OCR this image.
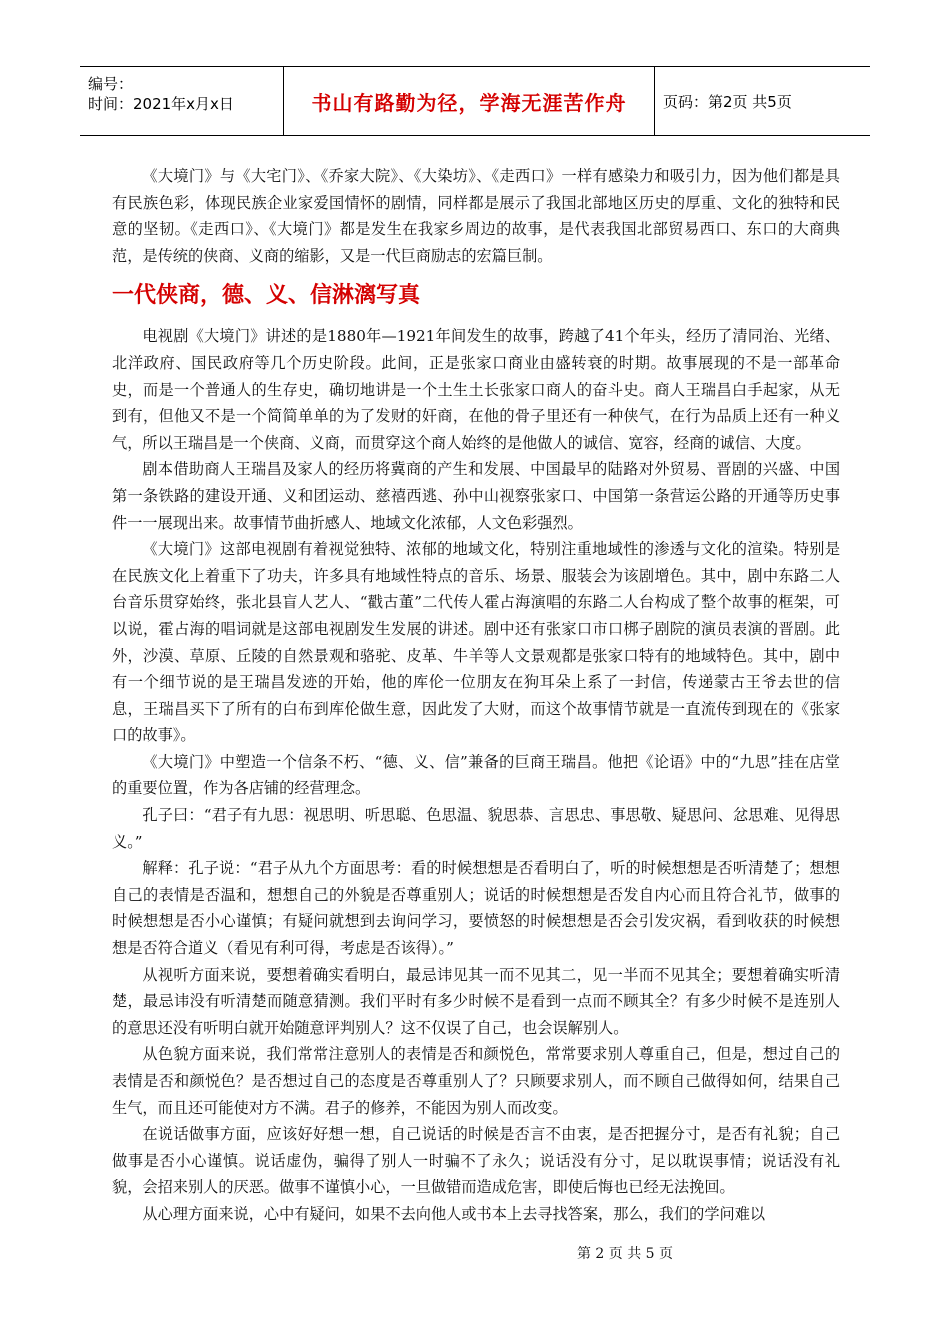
编号：
时间：2021年x月x日	书山有路勤为径，学海无涯苦作舟	页码：第2页 共5页

《大境门》与《大宅门》、《乔家大院》、《大染坊》、《走西口》一样有感染力和吸引力，因为他们都是具有民族色彩，体现民族企业家爱国情怀的剧情，同样都是展示了我国北部地区历史的厚重、文化的独特和民意的坚韧。《走西口》、《大境门》都是发生在我家乡周边的故事，是代表我国北部贸易西口、东口的大商典范，是传统的侠商、义商的缩影，又是一代巨商励志的宏篇巨制。

一代侠商，德、义、信淋漓写真

电视剧《大境门》讲述的是1880年—1921年间发生的故事，跨越了41个年头，经历了清同治、光绪、北洋政府、国民政府等几个历史阶段。此间，正是张家口商业由盛转衰的时期。故事展现的不是一部革命史，而是一个普通人的生存史，确切地讲是一个土生土长张家口商人的奋斗史。商人王瑞昌白手起家，从无到有，但他又不是一个简简单单的为了发财的奸商，在他的骨子里还有一种侠气，在行为品质上还有一种义气，所以王瑞昌是一个侠商、义商，而贯穿这个商人始终的是他做人的诚信、宽容，经商的诚信、大度。

剧本借助商人王瑞昌及家人的经历将冀商的产生和发展、中国最早的陆路对外贸易、晋剧的兴盛、中国第一条铁路的建设开通、义和团运动、慈禧西逃、孙中山视察张家口、中国第一条营运公路的开通等历史事件一一展现出来。故事情节曲折感人、地域文化浓郁，人文色彩强烈。

《大境门》这部电视剧有着视觉独特、浓郁的地域文化，特别注重地域性的渗透与文化的渲染。特别是在民族文化上着重下了功夫，许多具有地域性特点的音乐、场景、服装会为该剧增色。其中，剧中东路二人台音乐贯穿始终，张北县盲人艺人、“戳古董”二代传人霍占海演唱的东路二人台构成了整个故事的框架，可以说，霍占海的唱词就是这部电视剧发生发展的讲述。剧中还有张家口市口梆子剧院的演员表演的晋剧。此外，沙漠、草原、丘陵的自然景观和骆驼、皮革、牛羊等人文景观都是张家口特有的地域特色。其中，剧中有一个细节说的是王瑞昌发迹的开始，他的库伦一位朋友在狗耳朵上系了一封信，传递蒙古王爷去世的信息，王瑞昌买下了所有的白布到库伦做生意，因此发了大财，而这个故事情节就是一直流传到现在的《张家口的故事》。

《大境门》中塑造一个信条不朽、“德、义、信”兼备的巨商王瑞昌。他把《论语》中的“九思”挂在店堂的重要位置，作为各店铺的经营理念。

孔子曰：“君子有九思：视思明、听思聪、色思温、貌思恭、言思忠、事思敬、疑思问、忿思难、见得思义。”

解释：孔子说：“君子从九个方面思考：看的时候想想是否看明白了，听的时候想想是否听清楚了；想想自己的表情是否温和，想想自己的外貌是否尊重别人；说话的时候想想是否发自内心而且符合礼节，做事的时候想想是否小心谨慎；有疑问就想到去询问学习，要愤怒的时候想想是否会引发灾祸，看到收获的时候想想是否符合道义（看见有利可得，考虑是否该得）。”

从视听方面来说，要想着确实看明白，最忌讳见其一而不见其二，见一半而不见其全；要想着确实听清楚，最忌讳没有听清楚而随意猜测。我们平时有多少时候不是看到一点而不顾其全？有多少时候不是连别人的意思还没有听明白就开始随意评判别人？这不仅误了自己，也会误解别人。

从色貌方面来说，我们常常注意别人的表情是否和颜悦色，常常要求别人尊重自己，但是，想过自己的表情是否和颜悦色？是否想过自己的态度是否尊重别人了？只顾要求别人，而不顾自己做得如何，结果自己生气，而且还可能使对方不满。君子的修养，不能因为别人而改变。

在说话做事方面，应该好好想一想，自己说话的时候是否言不由衷，是否把握分寸，是否有礼貌；自己做事是否小心谨慎。说话虚伪，骗得了别人一时骗不了永久；说话没有分寸，足以耽误事情；说话没有礼貌，会招来别人的厌恶。做事不谨慎小心，一旦做错而造成危害，即使后悔也已经无法挽回。

从心理方面来说，心中有疑问，如果不去向他人或书本上去寻找答案，那么，我们的学问难以

第 2 页 共 5 页
